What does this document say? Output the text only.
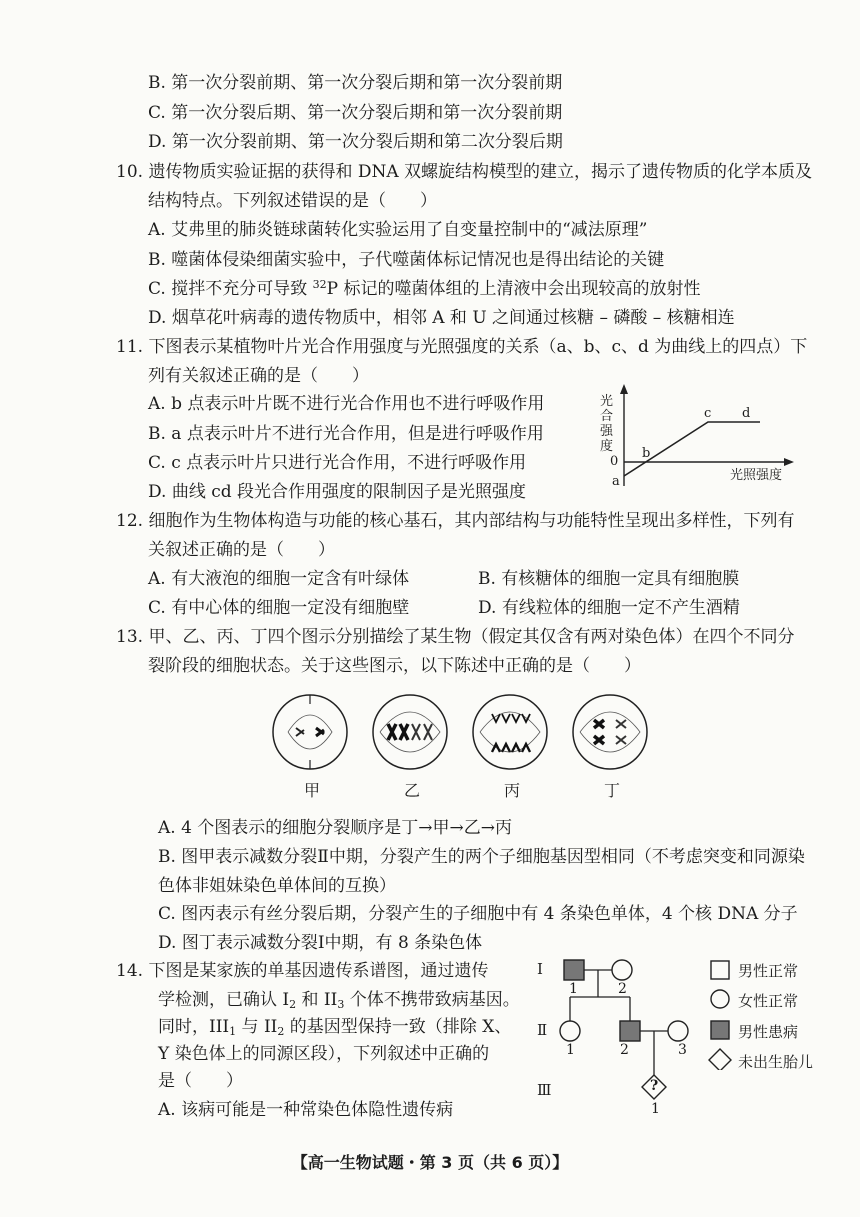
B. 第一次分裂前期、第一次分裂后期和第一次分裂前期
C. 第一次分裂后期、第一次分裂后期和第一次分裂前期
D. 第一次分裂前期、第一次分裂后期和第二次分裂后期
10. 遗传物质实验证据的获得和 DNA 双螺旋结构模型的建立，揭示了遗传物质的化学本质及
结构特点。下列叙述错误的是（　　）
A. 艾弗里的肺炎链球菌转化实验运用了自变量控制中的“减法原理”
B. 噬菌体侵染细菌实验中，子代噬菌体标记情况也是得出结论的关键
C. 搅拌不充分可导致 $^{32}$P 标记的噬菌体组的上清液中会出现较高的放射性
D. 烟草花叶病毒的遗传物质中，相邻 A 和 U 之间通过核糖 – 磷酸 – 核糖相连
11. 下图表示某植物叶片光合作用强度与光照强度的关系（a、b、c、d 为曲线上的四点）下
列有关叙述正确的是（　　）
A. b 点表示叶片既不进行光合作用也不进行呼吸作用
B. a 点表示叶片不进行光合作用，但是进行呼吸作用
C. c 点表示叶片只进行光合作用，不进行呼吸作用
D. 曲线 cd 段光合作用强度的限制因子是光照强度
光合强度
光照强度
0
a
b
c d
12. 细胞作为生物体构造与功能的核心基石，其内部结构与功能特性呈现出多样性，下列有
关叙述正确的是（　　）
A. 有大液泡的细胞一定含有叶绿体	B. 有核糖体的细胞一定具有细胞膜
C. 有中心体的细胞一定没有细胞壁	D. 有线粒体的细胞一定不产生酒精
13. 甲、乙、丙、丁四个图示分别描绘了某生物（假定其仅含有两对染色体）在四个不同分
裂阶段的细胞状态。关于这些图示，以下陈述中正确的是（　　）
甲	乙	丙	丁
A. 4 个图表示的细胞分裂顺序是丁→甲→乙→丙
B. 图甲表示减数分裂Ⅱ中期，分裂产生的两个子细胞基因型相同（不考虑突变和同源染
色体非姐妹染色单体间的互换）
C. 图丙表示有丝分裂后期，分裂产生的子细胞中有 4 条染色单体，4 个核 DNA 分子
D. 图丁表示减数分裂Ⅰ中期，有 8 条染色体
14. 下图是某家族的单基因遗传系谱图，通过遗传
学检测，已确认 $I_2$ 和 $II_3$ 个体不携带致病基因。
同时，$III_1$ 与 $II_2$ 的基因型保持一致（排除 X、
Y 染色体上的同源区段），下列叙述中正确的
是（　　）
A. 该病可能是一种常染色体隐性遗传病
Ⅰ
Ⅱ
Ⅲ
1	2
1	2	3
?
1
男性正常
女性正常
男性患病
未出生胎儿
【高一生物试题・第 3 页（共 6 页）】
